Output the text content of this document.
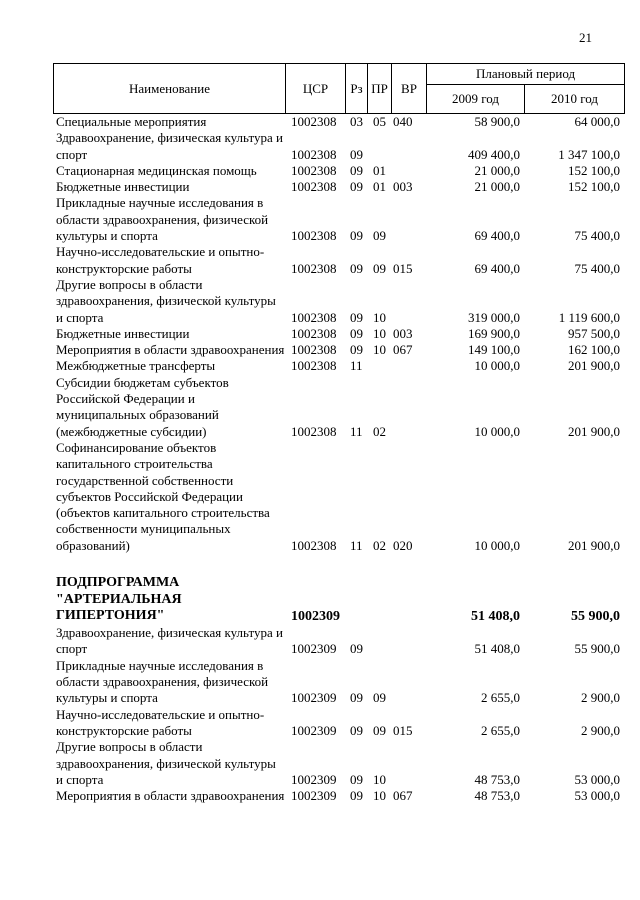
21
Наименование	ЦСР	Рз	ПР	ВР	Плановый период	
					2009 год	2010 год
Специальные мероприятия	1002308	03	05	040	58 900,0	64 000,0
Здравоохранение, физическая культура и спорт	1002308	09			409 400,0	1 347 100,0
Стационарная медицинская помощь	1002308	09	01		21 000,0	152 100,0
Бюджетные инвестиции	1002308	09	01	003	21 000,0	152 100,0
Прикладные научные исследования в области здравоохранения, физической культуры и спорта	1002308	09	09		69 400,0	75 400,0
Научно-исследовательские и опытно-конструкторские работы	1002308	09	09	015	69 400,0	75 400,0
Другие вопросы в области здравоохранения, физической культуры и спорта	1002308	09	10		319 000,0	1 119 600,0
Бюджетные инвестиции	1002308	09	10	003	169 900,0	957 500,0
Мероприятия в области здравоохранения	1002308	09	10	067	149 100,0	162 100,0
Межбюджетные трансферты	1002308	11			10 000,0	201 900,0
Субсидии бюджетам субъектов Российской Федерации и муниципальных образований (межбюджетные субсидии)	1002308	11	02		10 000,0	201 900,0
Софинансирование объектов капитального строительства государственной собственности субъектов Российской Федерации (объектов капитального строительства собственности муниципальных образований)	1002308	11	02	020	10 000,0	201 900,0

ПОДПРОГРАММА "АРТЕРИАЛЬНАЯ ГИПЕРТОНИЯ"	1002309				51 408,0	55 900,0
Здравоохранение, физическая культура и спорт	1002309	09			51 408,0	55 900,0
Прикладные научные исследования в области здравоохранения, физической культуры и спорта	1002309	09	09		2 655,0	2 900,0
Научно-исследовательские и опытно-конструкторские работы	1002309	09	09	015	2 655,0	2 900,0
Другие вопросы в области здравоохранения, физической культуры и спорта	1002309	09	10		48 753,0	53 000,0
Мероприятия в области здравоохранения	1002309	09	10	067	48 753,0	53 000,0
